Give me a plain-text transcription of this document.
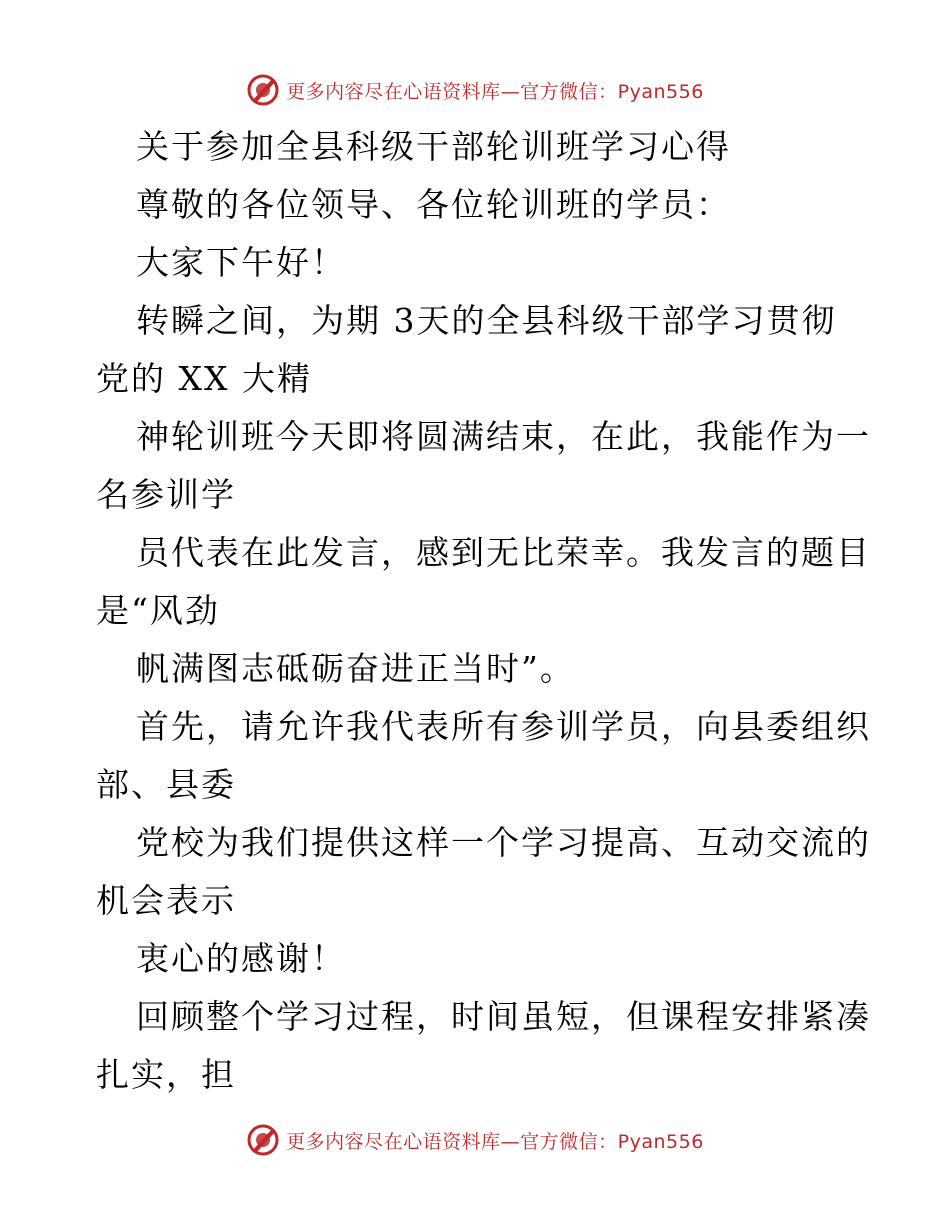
更多内容尽在心语资料库—官方微信：Pyan556
关于参加全县科级干部轮训班学习心得
尊敬的各位领导、各位轮训班的学员：
大家下午好！
转瞬之间，为期 3天的全县科级干部学习贯彻
党的 XX 大精
神轮训班今天即将圆满结束，在此，我能作为一
名参训学
员代表在此发言，感到无比荣幸。我发言的题目
是“风劲
帆满图志砥砺奋进正当时”。
首先，请允许我代表所有参训学员，向县委组织
部、县委
党校为我们提供这样一个学习提高、互动交流的
机会表示
衷心的感谢！
回顾整个学习过程，时间虽短，但课程安排紧凑
扎实，担
更多内容尽在心语资料库—官方微信：Pyan556
